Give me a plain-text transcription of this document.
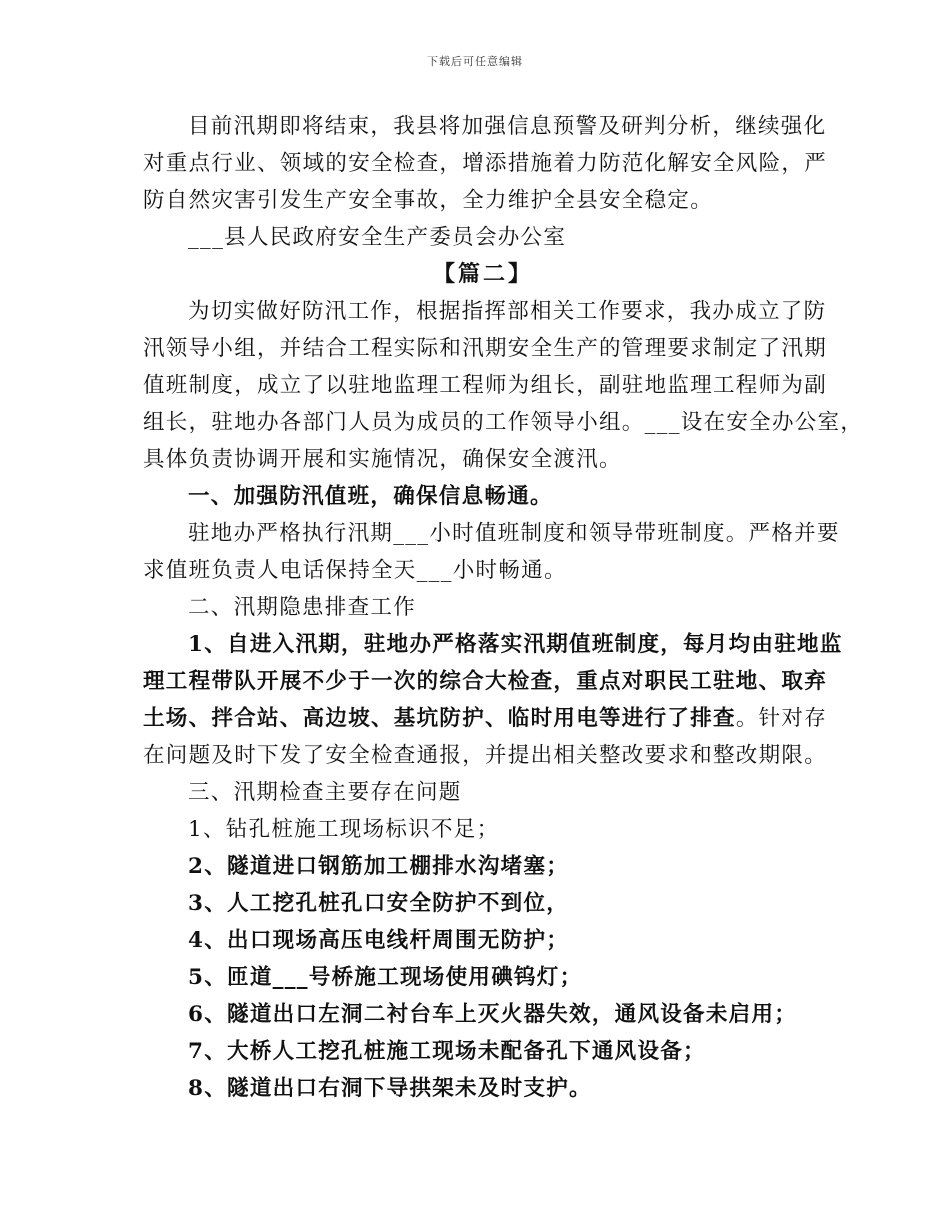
下载后可任意编辑
目前汛期即将结束，我县将加强信息预警及研判分析，继续强化
对重点行业、领域的安全检查，增添措施着力防范化解安全风险，严
防自然灾害引发生产安全事故，全力维护全县安全稳定。
___县人民政府安全生产委员会办公室
【篇二】
为切实做好防汛工作，根据指挥部相关工作要求，我办成立了防
汛领导小组，并结合工程实际和汛期安全生产的管理要求制定了汛期
值班制度，成立了以驻地监理工程师为组长，副驻地监理工程师为副
组长，驻地办各部门人员为成员的工作领导小组。___设在安全办公室，
具体负责协调开展和实施情况，确保安全渡汛。
一、加强防汛值班，确保信息畅通。
驻地办严格执行汛期___小时值班制度和领导带班制度。严格并要
求值班负责人电话保持全天___小时畅通。
二、汛期隐患排查工作
1、自进入汛期，驻地办严格落实汛期值班制度，每月均由驻地监
理工程带队开展不少于一次的综合大检查，重点对职民工驻地、取弃
土场、拌合站、高边坡、基坑防护、临时用电等进行了排查。针对存
在问题及时下发了安全检查通报，并提出相关整改要求和整改期限。
三、汛期检查主要存在问题
1、钻孔桩施工现场标识不足；
2、隧道进口钢筋加工棚排水沟堵塞；
3、人工挖孔桩孔口安全防护不到位，
4、出口现场高压电线杆周围无防护；
5、匝道___号桥施工现场使用碘钨灯；
6、隧道出口左洞二衬台车上灭火器失效，通风设备未启用；
7、大桥人工挖孔桩施工现场未配备孔下通风设备；
8、隧道出口右洞下导拱架未及时支护。
